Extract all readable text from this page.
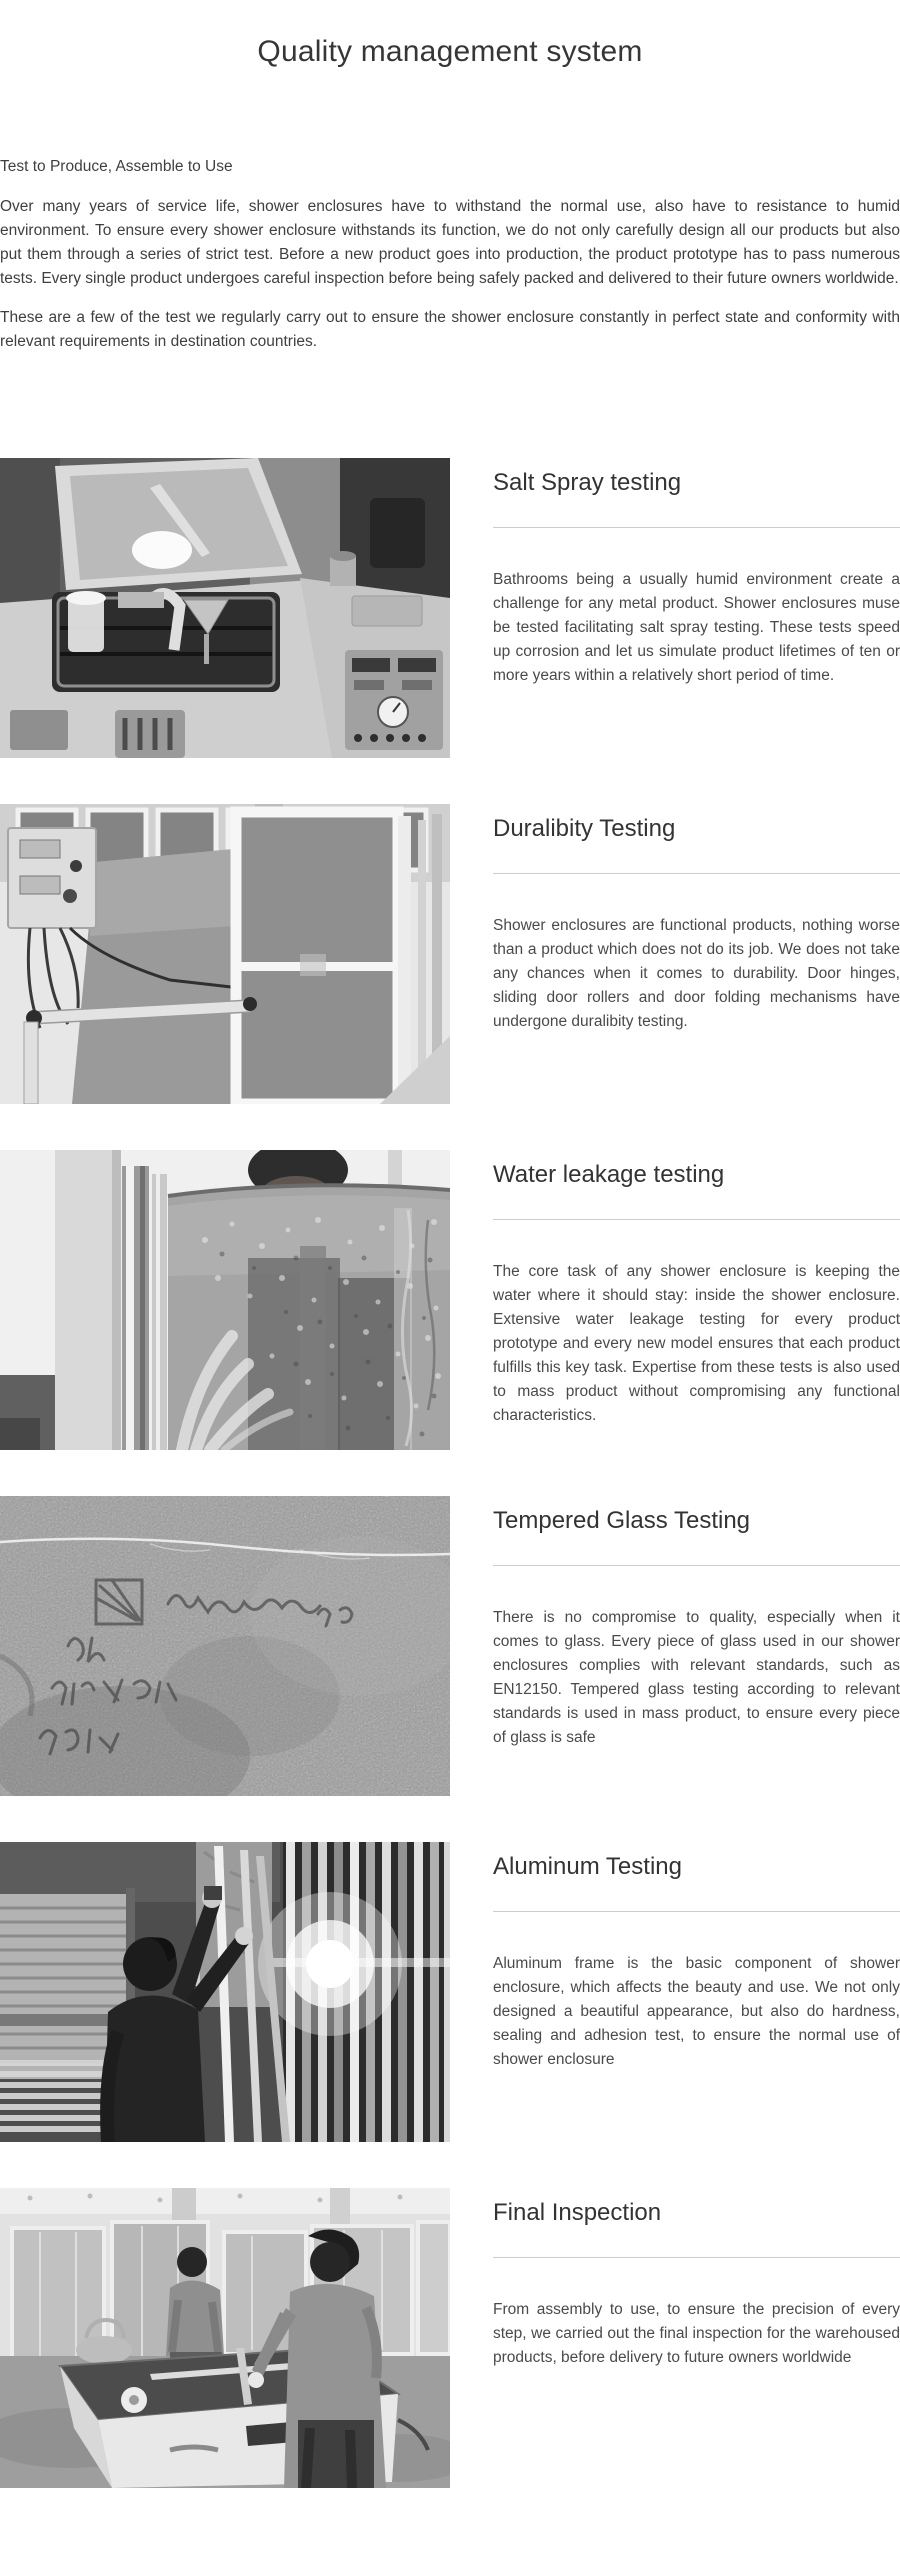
Quality management system
Test to Produce, Assemble to Use

Over many years of service life, shower enclosures have to withstand the normal use, also have to resistance to humid environment. To ensure every shower enclosure withstands its function, we do not only carefully design all our products but also put them through a series of strict test. Before a new product goes into production, the product prototype has to pass numerous tests. Every single product undergoes careful inspection before being safely packed and delivered to their future owners worldwide.

These are a few of the test we regularly carry out to ensure the shower enclosure constantly in perfect state and conformity with relevant requirements in destination countries.

Salt Spray testing

Bathrooms being a usually humid environment create a challenge for any metal product. Shower enclosures muse be tested facilitating salt spray testing. These tests speed up corrosion and let us simulate product lifetimes of ten or more years within a relatively short period of time.

Duralibity Testing

Shower enclosures are functional products, nothing worse than a product which does not do its job. We does not take any chances when it comes to durability. Door hinges, sliding door rollers and door folding mechanisms have undergone duralibity testing.

Water leakage testing

The core task of any shower enclosure is keeping the water where it should stay: inside the shower enclosure. Extensive water leakage testing for every product prototype and every new model ensures that each product fulfills this key task. Expertise from these tests is also used to mass product without compromising any functional characteristics.

Tempered Glass Testing

There is no compromise to quality, especially when it comes to glass. Every piece of glass used in our shower enclosures complies with relevant standards, such as EN12150. Tempered glass testing according to relevant standards is used in mass product, to ensure every piece of glass is safe

Aluminum Testing

Aluminum frame is the basic component of shower enclosure, which affects the beauty and use. We not only designed a beautiful appearance, but also do hardness, sealing and adhesion test, to ensure the normal use of shower enclosure

Final Inspection

From assembly to use, to ensure the precision of every step, we carried out the final inspection for the warehoused products, before delivery to future owners worldwide
